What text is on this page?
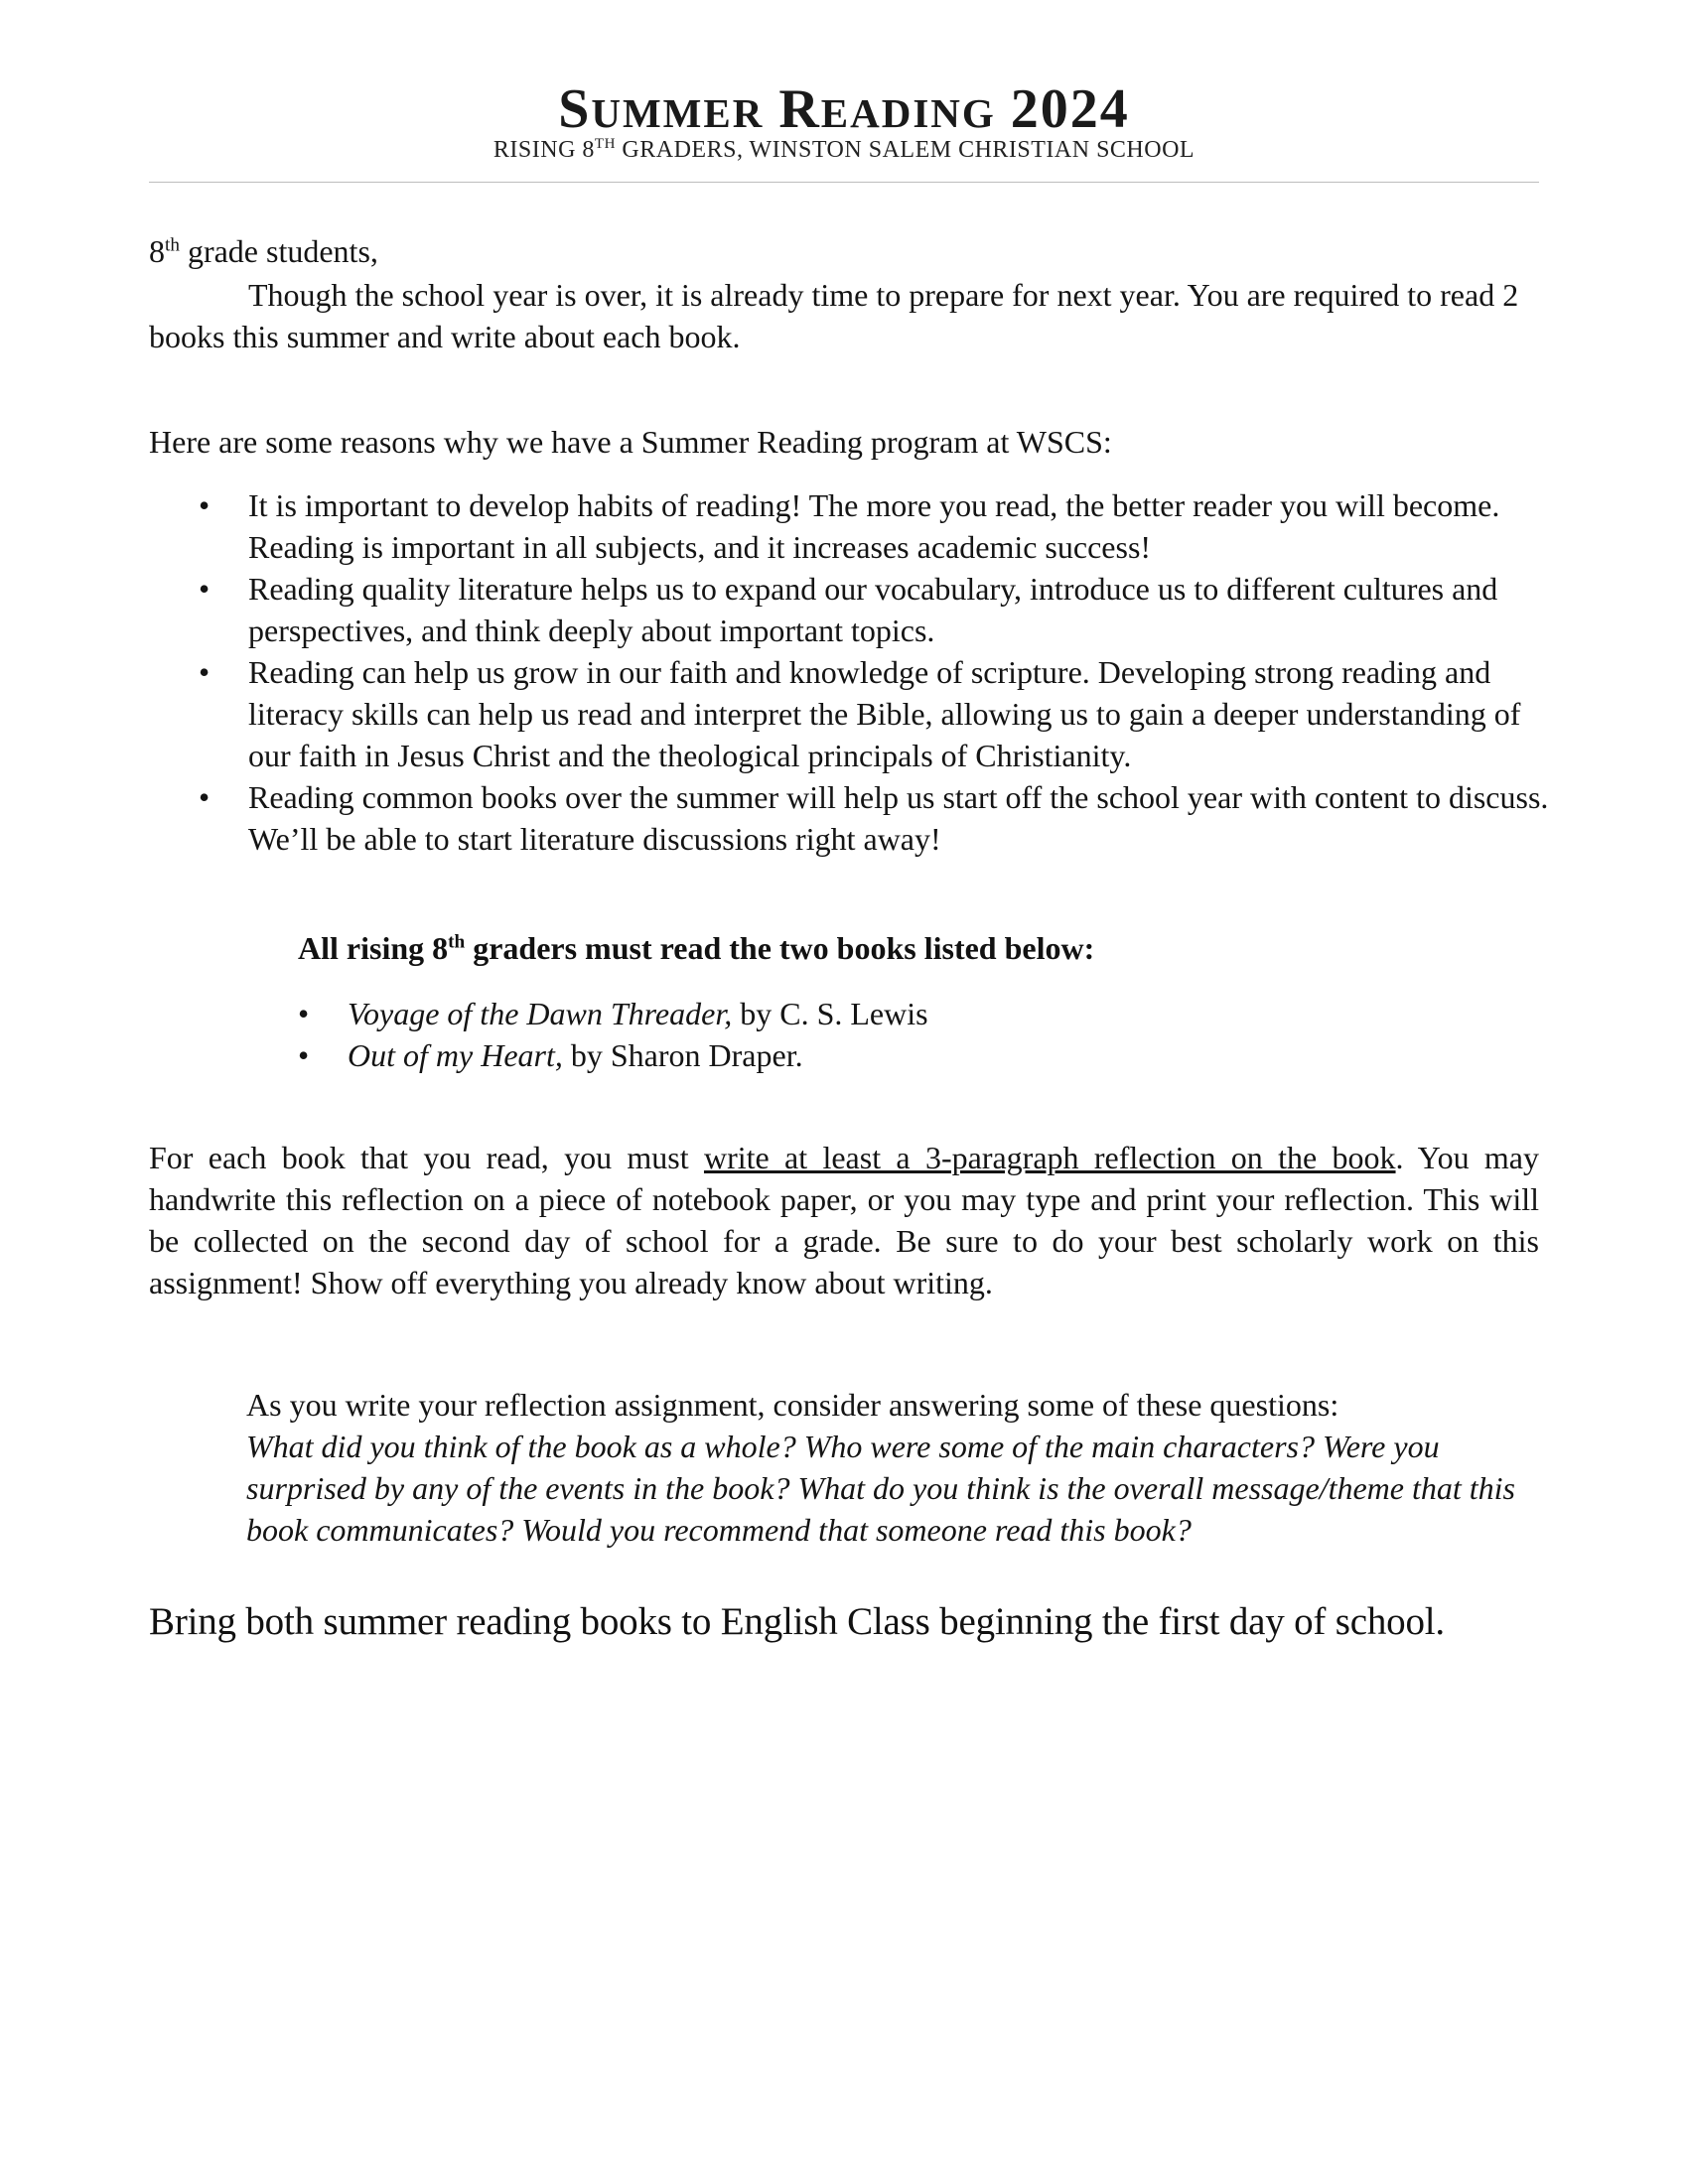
SUMMER READING 2024
RISING 8TH GRADERS, WINSTON SALEM CHRISTIAN SCHOOL
8th grade students,
Though the school year is over, it is already time to prepare for next year. You are required to read 2 books this summer and write about each book.
Here are some reasons why we have a Summer Reading program at WSCS:
• It is important to develop habits of reading! The more you read, the better reader you will become. Reading is important in all subjects, and it increases academic success!
• Reading quality literature helps us to expand our vocabulary, introduce us to different cultures and perspectives, and think deeply about important topics.
• Reading can help us grow in our faith and knowledge of scripture. Developing strong reading and literacy skills can help us read and interpret the Bible, allowing us to gain a deeper understanding of our faith in Jesus Christ and the theological principals of Christianity.
• Reading common books over the summer will help us start off the school year with content to discuss. We’ll be able to start literature discussions right away!
All rising 8th graders must read the two books listed below:
• Voyage of the Dawn Threader, by C. S. Lewis
• Out of my Heart, by Sharon Draper.
For each book that you read, you must write at least a 3-paragraph reflection on the book. You may handwrite this reflection on a piece of notebook paper, or you may type and print your reflection. This will be collected on the second day of school for a grade. Be sure to do your best scholarly work on this assignment! Show off everything you already know about writing.
As you write your reflection assignment, consider answering some of these questions:
What did you think of the book as a whole? Who were some of the main characters? Were you surprised by any of the events in the book? What do you think is the overall message/theme that this book communicates? Would you recommend that someone read this book?
Bring both summer reading books to English Class beginning the first day of school.
